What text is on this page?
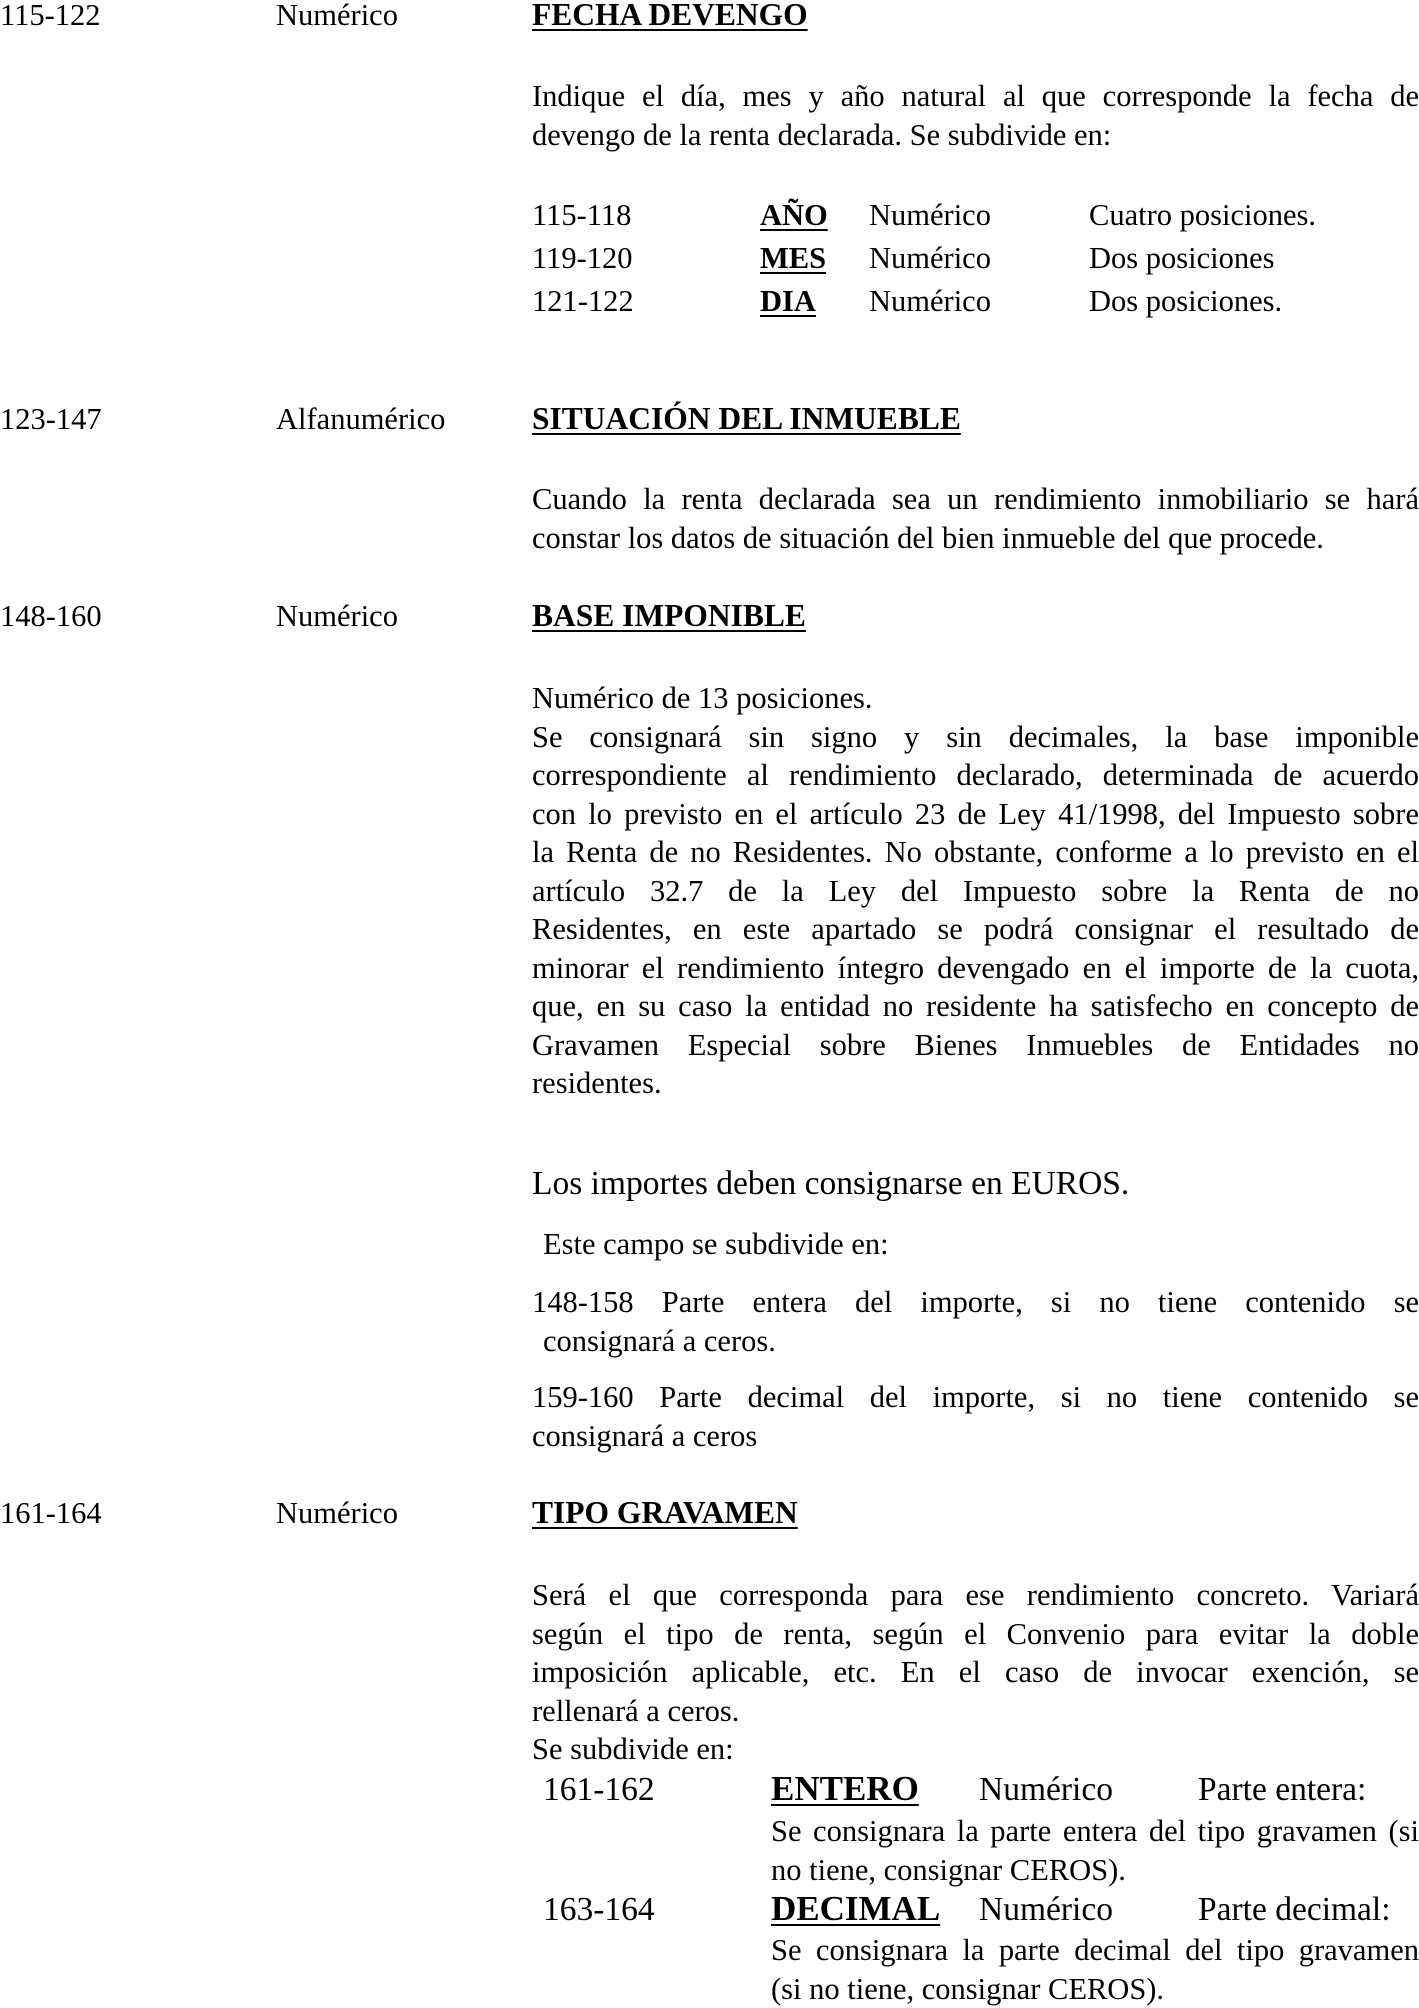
115-122	Numérico	FECHA DEVENGO
Indique el día, mes y año natural al que corresponde la fecha de
devengo de la renta declarada. Se subdivide en:
115-118	AÑO Numérico	Cuatro posiciones.
119-120	MES Numérico	Dos posiciones
121-122	DIA Numérico	Dos posiciones.
123-147	Alfanumérico	SITUACIÓN DEL INMUEBLE
Cuando la renta declarada sea un rendimiento inmobiliario se hará
constar los datos de situación del bien inmueble del que procede.
148-160	Numérico	BASE IMPONIBLE
Numérico de 13 posiciones.
Se consignará sin signo y sin decimales, la base imponible
correspondiente al rendimiento declarado, determinada de acuerdo
con lo previsto en el artículo 23 de Ley 41/1998, del Impuesto sobre
la Renta de no Residentes. No obstante, conforme a lo previsto en el
artículo 32.7 de la Ley del Impuesto sobre la Renta de no
Residentes, en este apartado se podrá consignar el resultado de
minorar el rendimiento íntegro devengado en el importe de la cuota,
que, en su caso la entidad no residente ha satisfecho en concepto de
Gravamen Especial sobre Bienes Inmuebles de Entidades no
residentes.
Los importes deben consignarse en EUROS.
Este campo se subdivide en:
148-158 Parte entera del importe, si no tiene contenido se
consignará a ceros.
159-160 Parte decimal del importe, si no tiene contenido se
consignará a ceros
161-164	Numérico	TIPO GRAVAMEN
Será el que corresponda para ese rendimiento concreto. Variará
según el tipo de renta, según el Convenio para evitar la doble
imposición aplicable, etc. En el caso de invocar exención, se
rellenará a ceros.
Se subdivide en:
161-162	ENTERO Numérico	Parte entera:
Se consignara la parte entera del tipo gravamen (si
no tiene, consignar CEROS).
163-164	DECIMAL Numérico	Parte decimal:
Se consignara la parte decimal del tipo gravamen
(si no tiene, consignar CEROS).
